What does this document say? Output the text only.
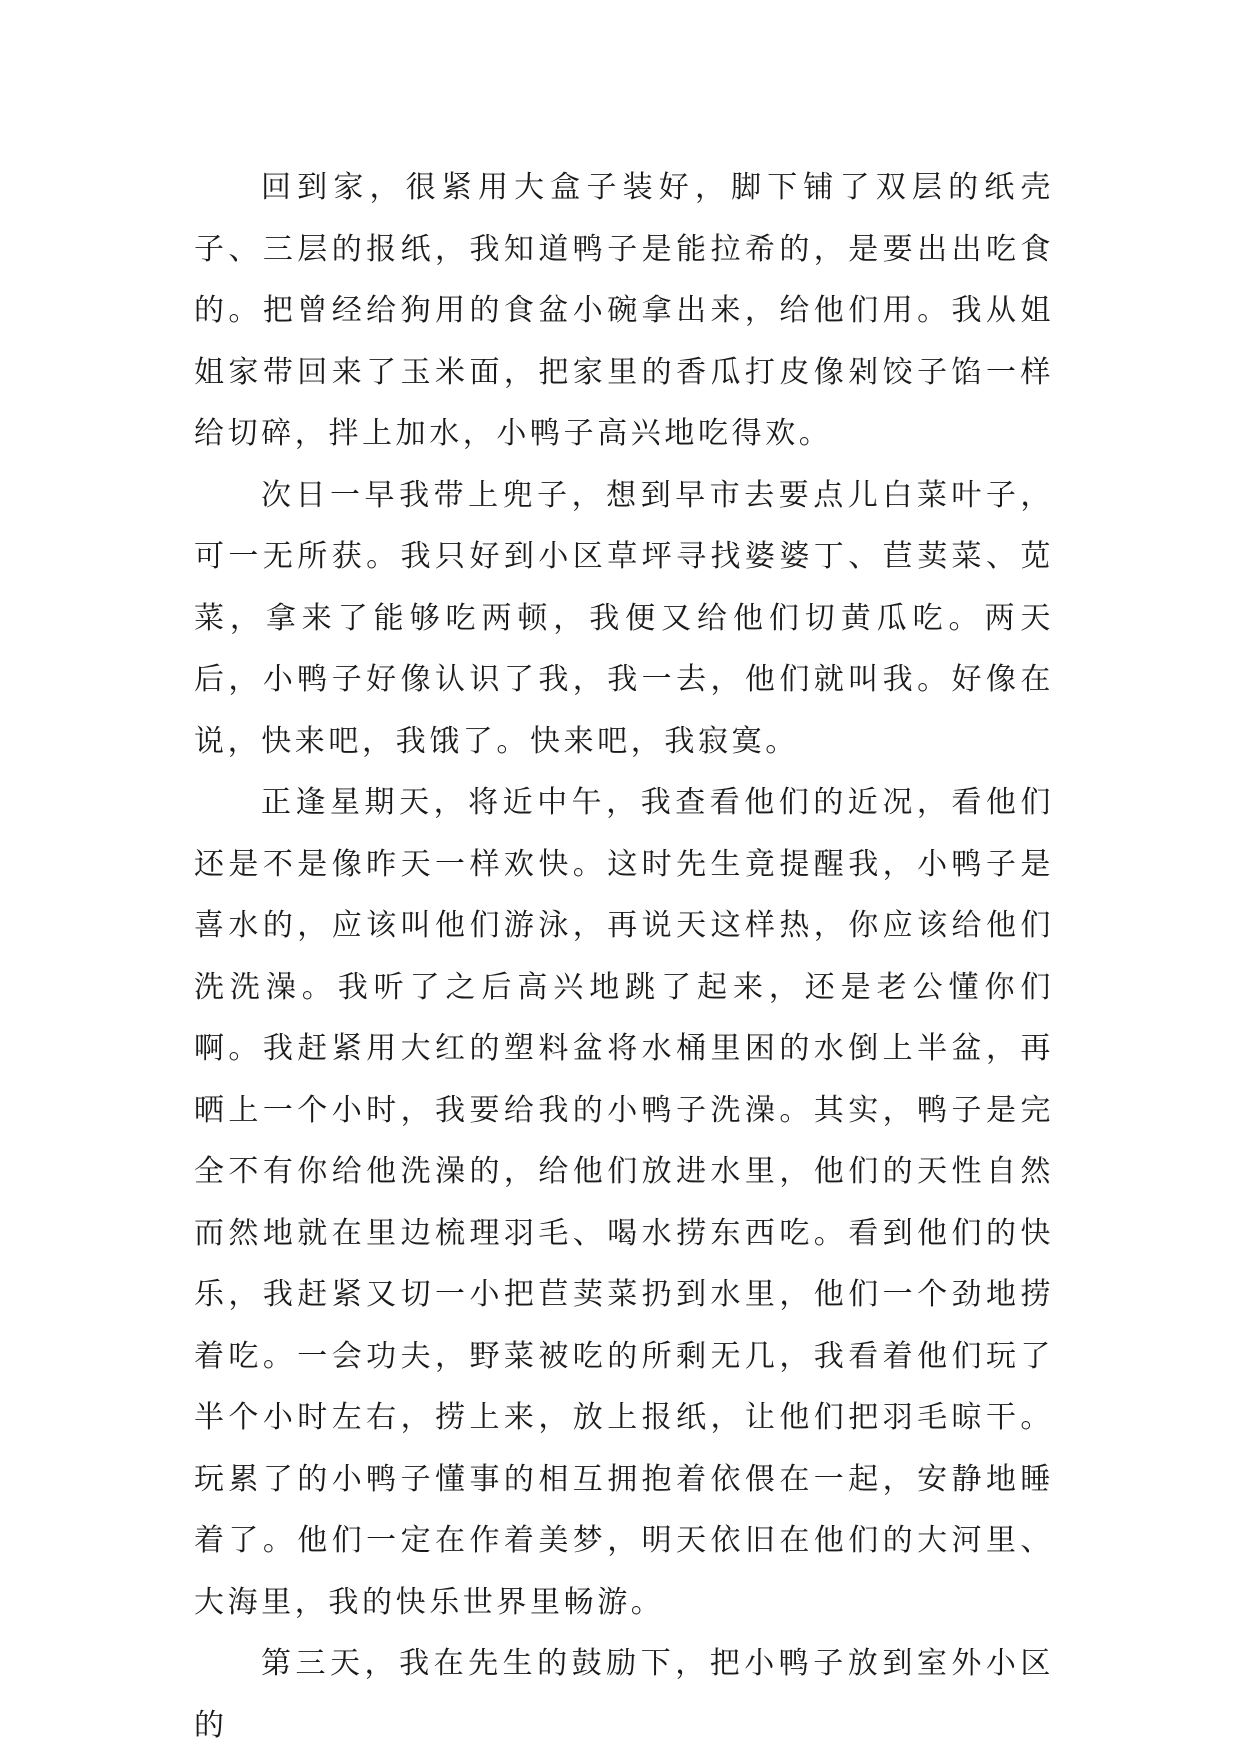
回到家，很紧用大盒子装好，脚下铺了双层的纸壳子、三层的报纸，我知道鸭子是能拉希的，是要出出吃食的。把曾经给狗用的食盆小碗拿出来，给他们用。我从姐姐家带回来了玉米面，把家里的香瓜打皮像剁饺子馅一样给切碎，拌上加水，小鸭子高兴地吃得欢。

次日一早我带上兜子，想到早市去要点儿白菜叶子，可一无所获。我只好到小区草坪寻找婆婆丁、苣荬菜、苋菜，拿来了能够吃两顿，我便又给他们切黄瓜吃。两天后，小鸭子好像认识了我，我一去，他们就叫我。好像在说，快来吧，我饿了。快来吧，我寂寞。

正逢星期天，将近中午，我查看他们的近况，看他们还是不是像昨天一样欢快。这时先生竟提醒我，小鸭子是喜水的，应该叫他们游泳，再说天这样热，你应该给他们洗洗澡。我听了之后高兴地跳了起来，还是老公懂你们啊。我赶紧用大红的塑料盆将水桶里困的水倒上半盆，再晒上一个小时，我要给我的小鸭子洗澡。其实，鸭子是完全不有你给他洗澡的，给他们放进水里，他们的天性自然而然地就在里边梳理羽毛、喝水捞东西吃。看到他们的快乐，我赶紧又切一小把苣荬菜扔到水里，他们一个劲地捞着吃。一会功夫，野菜被吃的所剩无几，我看着他们玩了半个小时左右，捞上来，放上报纸，让他们把羽毛晾干。玩累了的小鸭子懂事的相互拥抱着依偎在一起，安静地睡着了。他们一定在作着美梦，明天依旧在他们的大河里、大海里，我的快乐世界里畅游。

第三天，我在先生的鼓励下，把小鸭子放到室外小区的
